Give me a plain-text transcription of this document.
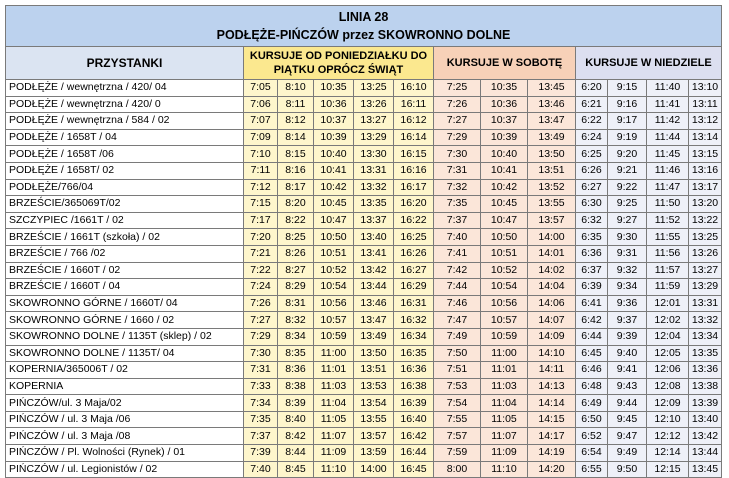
LINIA 28
PODŁĘŻE-PIŃCZÓW przez SKOWRONNO DOLNE												

PRZYSTANKI	KURSUJE OD PONIEDZIAŁKU DO PIĄTKU OPRÓCZ ŚWIĄT					KURSUJE W SOBOTĘ			KURSUJE W NIEDZIELE			
PODŁĘŻE / wewnętrzna / 420/ 04	7:05	8:10	10:35	13:25	16:10	7:25	10:35	13:45	6:20	9:15	11:40	13:10
PODŁĘŻE / wewnętrzna / 420/ 0	7:06	8:11	10:36	13:26	16:11	7:26	10:36	13:46	6:21	9:16	11:41	13:11
PODŁĘŻE / wewnętrzna / 584 / 02	7:07	8:12	10:37	13:27	16:12	7:27	10:37	13:47	6:22	9:17	11:42	13:12
PODŁĘŻE / 1658T / 04	7:09	8:14	10:39	13:29	16:14	7:29	10:39	13:49	6:24	9:19	11:44	13:14
PODŁĘŻE / 1658T /06	7:10	8:15	10:40	13:30	16:15	7:30	10:40	13:50	6:25	9:20	11:45	13:15
PODŁĘŻE / 1658T/ 02	7:11	8:16	10:41	13:31	16:16	7:31	10:41	13:51	6:26	9:21	11:46	13:16
PODŁĘŻE/766/04	7:12	8:17	10:42	13:32	16:17	7:32	10:42	13:52	6:27	9:22	11:47	13:17
BRZEŚCIE/365069T/02	7:15	8:20	10:45	13:35	16:20	7:35	10:45	13:55	6:30	9:25	11:50	13:20
SZCZYPIEC /1661T / 02	7:17	8:22	10:47	13:37	16:22	7:37	10:47	13:57	6:32	9:27	11:52	13:22
BRZEŚCIE / 1661T (szkoła) / 02	7:20	8:25	10:50	13:40	16:25	7:40	10:50	14:00	6:35	9:30	11:55	13:25
BRZEŚCIE / 766 /02	7:21	8:26	10:51	13:41	16:26	7:41	10:51	14:01	6:36	9:31	11:56	13:26
BRZEŚCIE / 1660T / 02	7:22	8:27	10:52	13:42	16:27	7:42	10:52	14:02	6:37	9:32	11:57	13:27
BRZEŚCIE / 1660T / 04	7:24	8:29	10:54	13:44	16:29	7:44	10:54	14:04	6:39	9:34	11:59	13:29
SKOWRONNO GÓRNE / 1660T/ 04	7:26	8:31	10:56	13:46	16:31	7:46	10:56	14:06	6:41	9:36	12:01	13:31
SKOWRONNO GÓRNE / 1660 / 02	7:27	8:32	10:57	13:47	16:32	7:47	10:57	14:07	6:42	9:37	12:02	13:32
SKOWRONNO DOLNE / 1135T (sklep) / 02	7:29	8:34	10:59	13:49	16:34	7:49	10:59	14:09	6:44	9:39	12:04	13:34
SKOWRONNO DOLNE / 1135T/ 04	7:30	8:35	11:00	13:50	16:35	7:50	11:00	14:10	6:45	9:40	12:05	13:35
KOPERNIA/365006T / 02	7:31	8:36	11:01	13:51	16:36	7:51	11:01	14:11	6:46	9:41	12:06	13:36
KOPERNIA	7:33	8:38	11:03	13:53	16:38	7:53	11:03	14:13	6:48	9:43	12:08	13:38
PIŃCZÓW/ul. 3 Maja/02	7:34	8:39	11:04	13:54	16:39	7:54	11:04	14:14	6:49	9:44	12:09	13:39
PIŃCZÓW / ul. 3 Maja /06	7:35	8:40	11:05	13:55	16:40	7:55	11:05	14:15	6:50	9:45	12:10	13:40
PIŃCZÓW / ul. 3 Maja /08	7:37	8:42	11:07	13:57	16:42	7:57	11:07	14:17	6:52	9:47	12:12	13:42
PIŃCZÓW / Pl. Wolności (Rynek) / 01	7:39	8:44	11:09	13:59	16:44	7:59	11:09	14:19	6:54	9:49	12:14	13:44
PIŃCZÓW / ul. Legionistów / 02	7:40	8:45	11:10	14:00	16:45	8:00	11:10	14:20	6:55	9:50	12:15	13:45
